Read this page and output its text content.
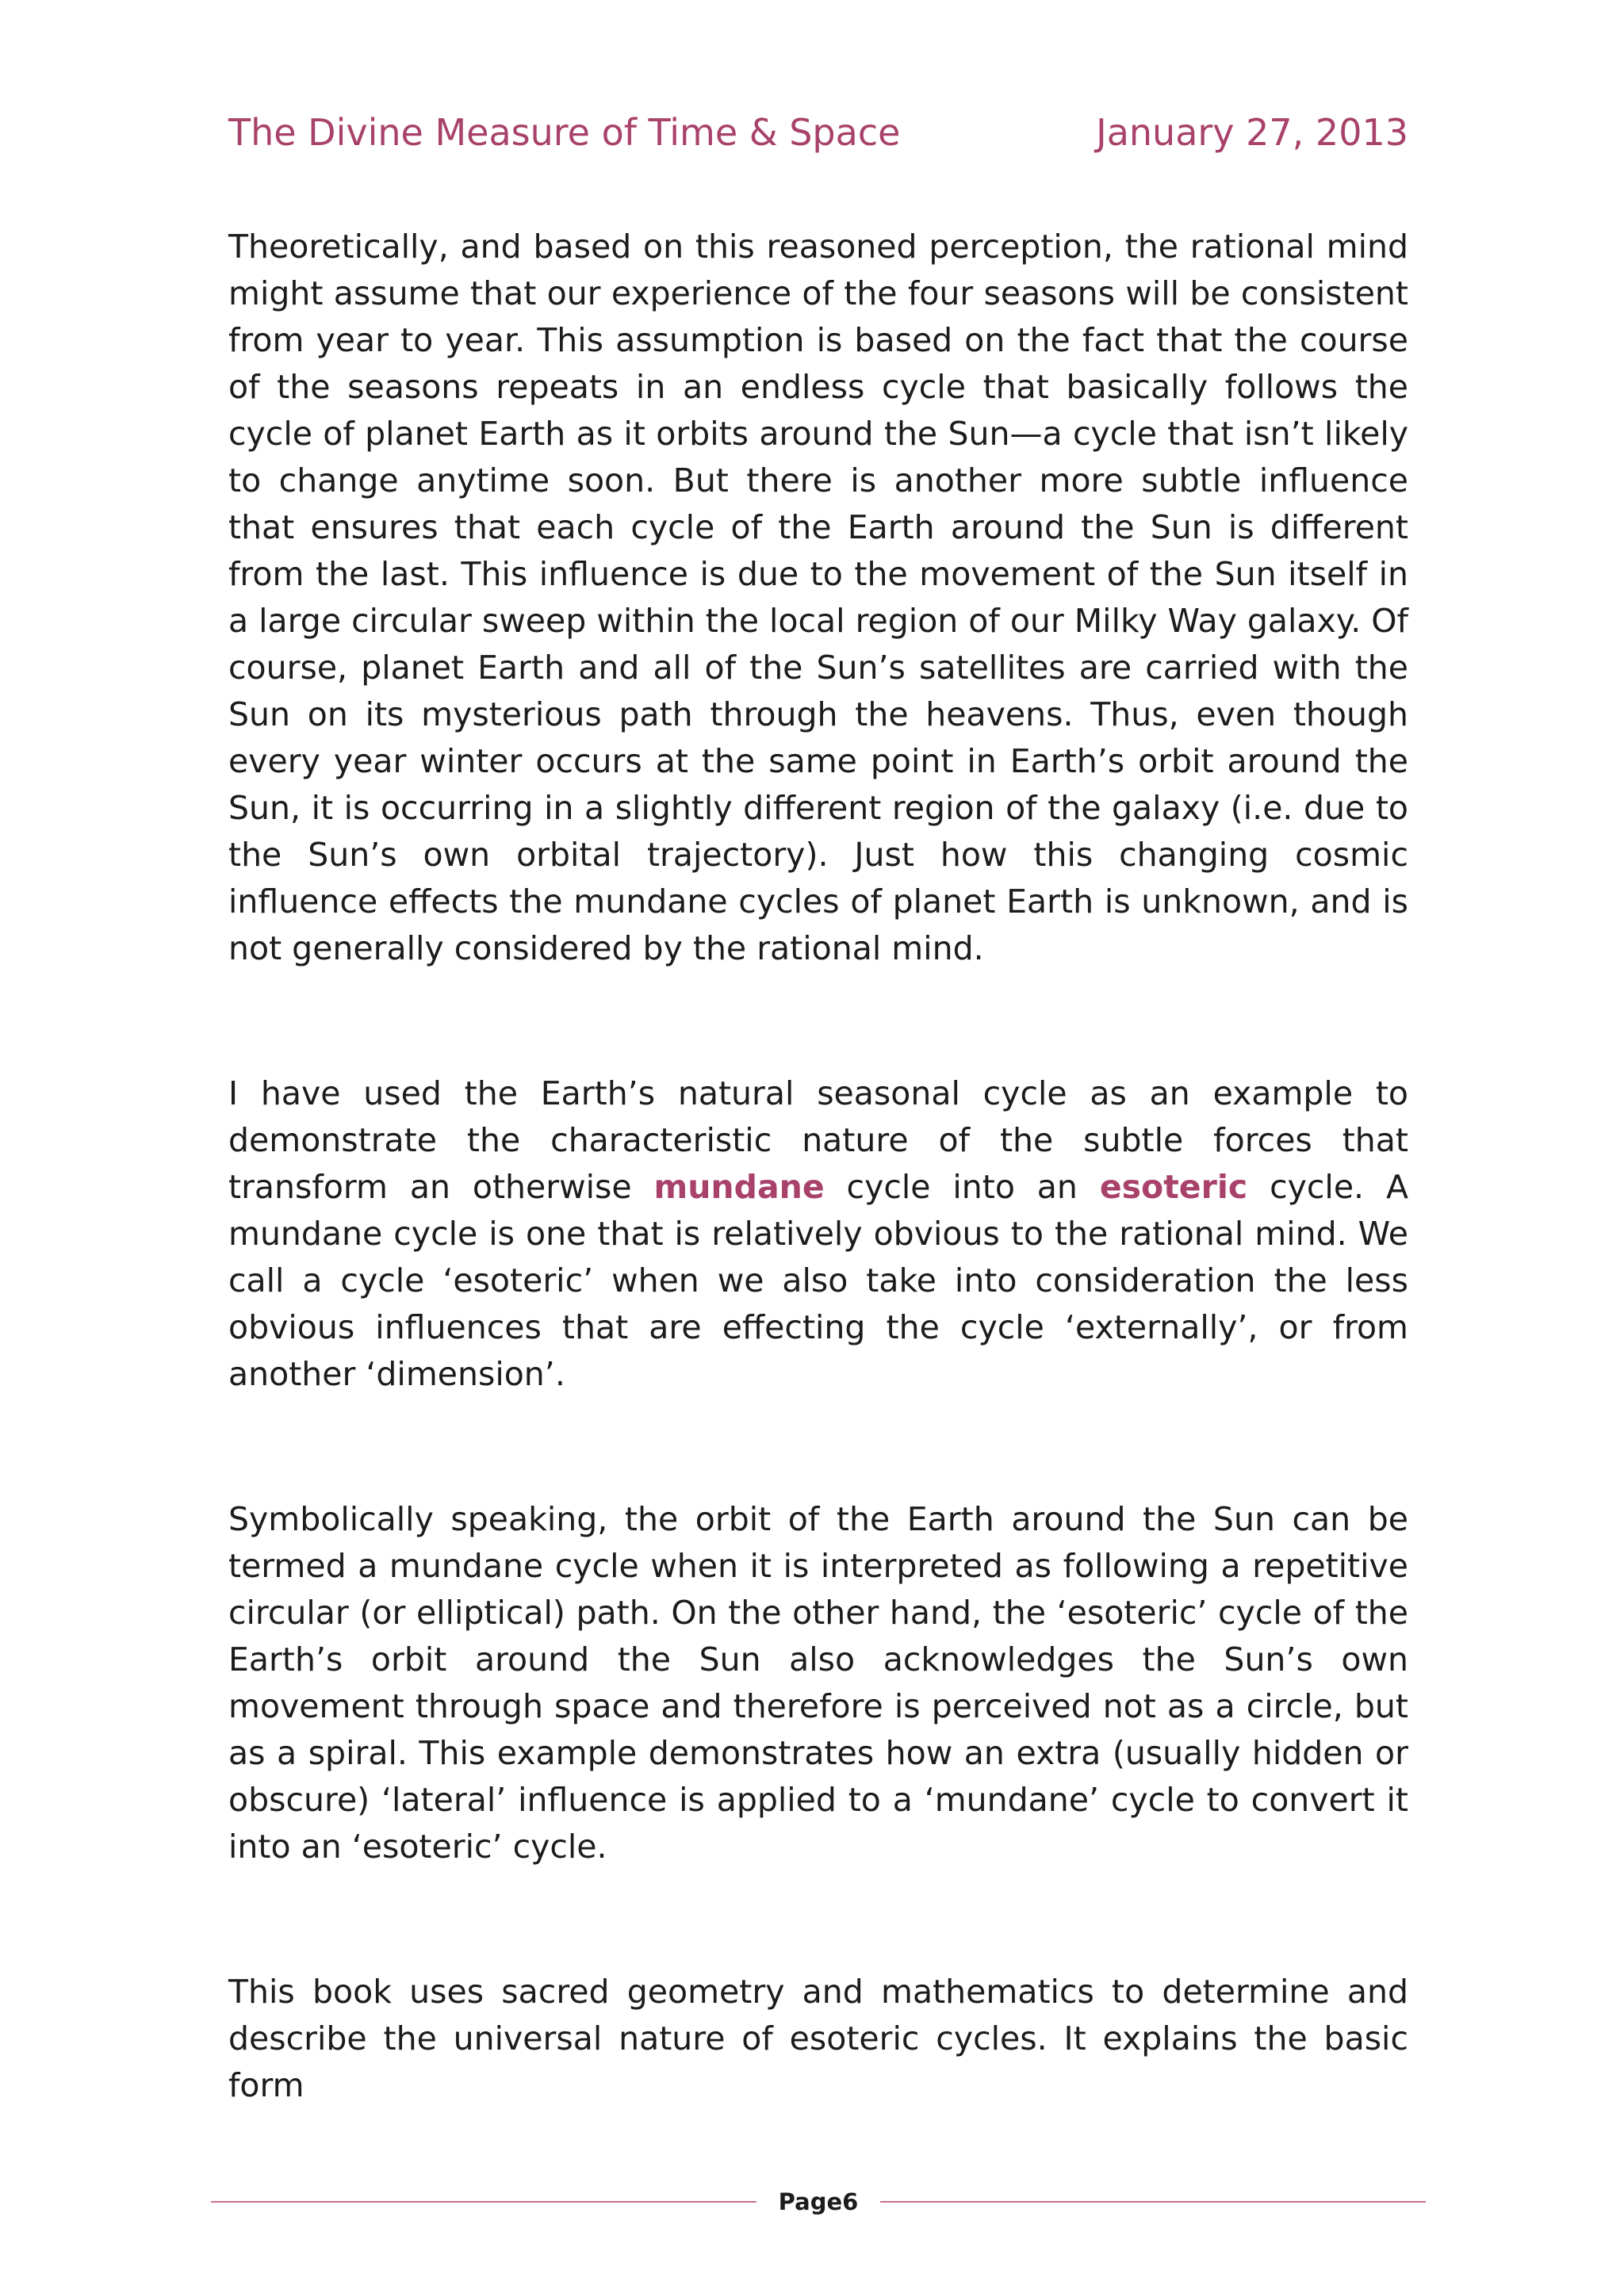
The Divine Measure of Time & Space	January 27, 2013

Theoretically, and based on this reasoned perception, the rational mind might assume that our experience of the four seasons will be consistent from year to year. This assumption is based on the fact that the course of the seasons repeats in an endless cycle that basically follows the cycle of planet Earth as it orbits around the Sun—a cycle that isn’t likely to change anytime soon. But there is another more subtle influence that ensures that each cycle of the Earth around the Sun is different from the last. This influence is due to the movement of the Sun itself in a large circular sweep within the local region of our Milky Way galaxy. Of course, planet Earth and all of the Sun’s satellites are carried with the Sun on its mysterious path through the heavens. Thus, even though every year winter occurs at the same point in Earth’s orbit around the Sun, it is occurring in a slightly different region of the galaxy (i.e. due to the Sun’s own orbital trajectory). Just how this changing cosmic influence effects the mundane cycles of planet Earth is unknown, and is not generally considered by the rational mind.

I have used the Earth’s natural seasonal cycle as an example to demonstrate the characteristic nature of the subtle forces that transform an otherwise mundane cycle into an esoteric cycle. A mundane cycle is one that is relatively obvious to the rational mind. We call a cycle ‘esoteric’ when we also take into consideration the less obvious influences that are effecting the cycle ‘externally’, or from another ‘dimension’.

Symbolically speaking, the orbit of the Earth around the Sun can be termed a mundane cycle when it is interpreted as following a repetitive circular (or elliptical) path. On the other hand, the ‘esoteric’ cycle of the Earth’s orbit around the Sun also acknowledges the Sun’s own movement through space and therefore is perceived not as a circle, but as a spiral. This example demonstrates how an extra (usually hidden or obscure) ‘lateral’ influence is applied to a ‘mundane’ cycle to convert it into an ‘esoteric’ cycle.

This book uses sacred geometry and mathematics to determine and describe the universal nature of esoteric cycles. It explains the basic form

Page6
